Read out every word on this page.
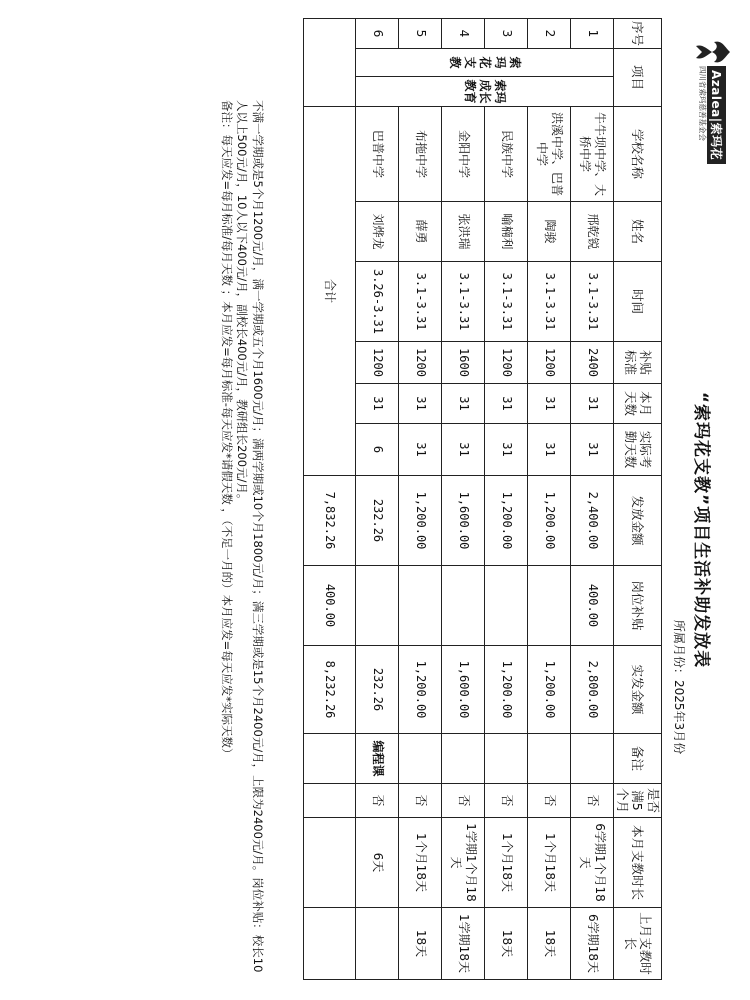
Azalea|索玛花
四川省索玛慈善基金会
“索玛花支教”项目生活补助发放表
所属月份：2025年3月份
序号	项目		学校名称	姓名	时间	补贴标准	本月天数	实际考勤天数	发放金额	岗位补贴	实发金额	备注	是否满5个月	本月支教时长	上月支教时长
1	索玛花支教	索玛成长教育	牛牛坝中学、大桥中学	邢乾锐	3.1-3.31	2400	31	31	2,400.00	400.00	2,800.00		否	6学期1个月18天	6学期18天
2			洪溪中学、巴普中学	陶骏	3.1-3.31	1200	31	31	1,200.00		1,200.00		否	1个月18天	18天
3			民族中学	喻楠利	3.1-3.31	1200	31	31	1,200.00		1,200.00		否	1个月18天	18天
4			金阳中学	张洪瑞	3.1-3.31	1600	31	31	1,600.00		1,600.00		否	1学期1个月18天	1学期18天
5			布拖中学	薛勇	3.1-3.31	1200	31	31	1,200.00		1,200.00		否	1个月18天	18天
6			巴普中学	刘烨龙	3.26-3.31	1200	31	6	232.26		232.26	编程课	否	6天	
			合计						7,832.26	400.00	8,232.26				
不满一学期或是5个月1200元/月，满一学期或五个月1600元/月；满两学期或10个月1800元/月；满三学期或是15个月2400元/月，上限为2400元/月。岗位补贴：校长10人以上500元/月，10人以下400元/月，副校长400元/月，教研组长200元/月。
备注：每天应发=每月标准/每月天数 ；本月应发=每月标准-每天应发*请假天数 ，（不足一月的）本月应发=每天应发*实际天数）
